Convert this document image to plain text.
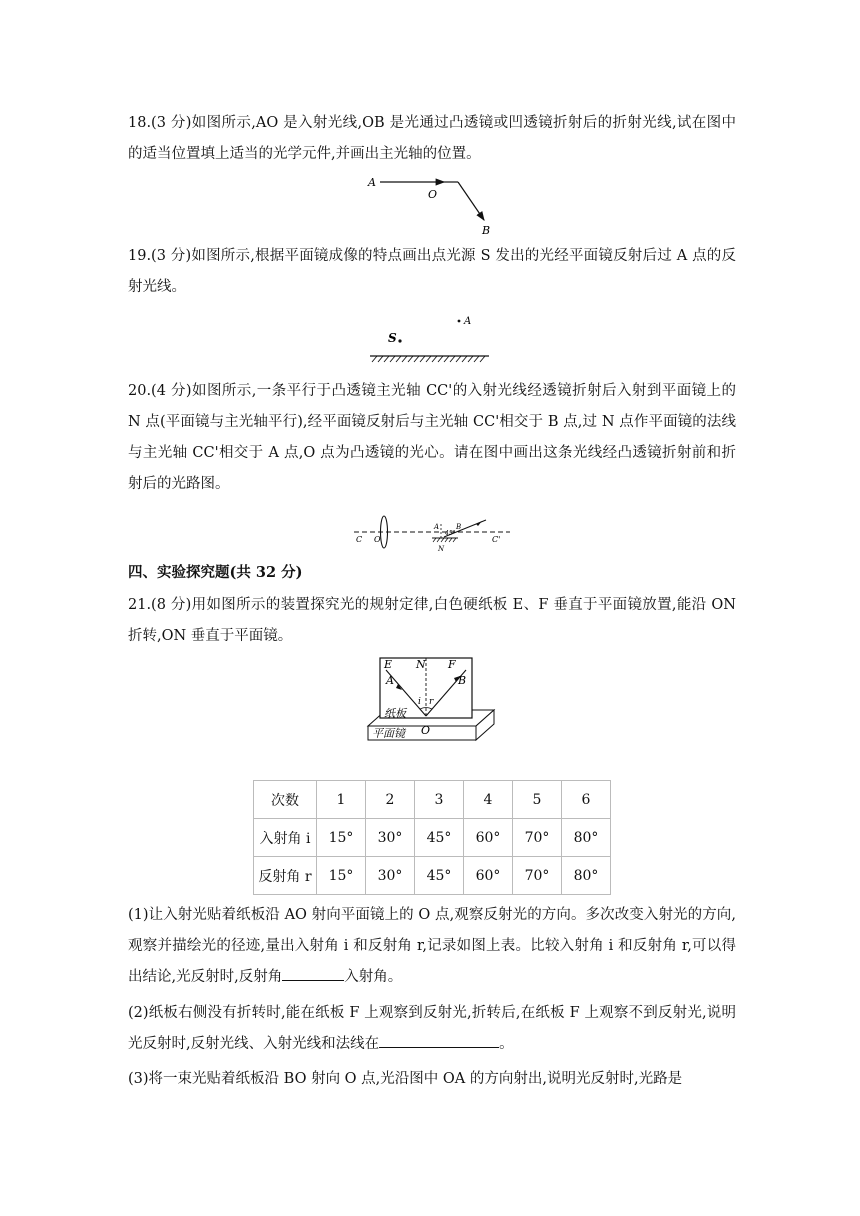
18.(3 分)如图所示,AO 是入射光线,OB 是光通过凸透镜或凹透镜折射后的折射光线,试在图中的适当位置填上适当的光学元件,并画出主光轴的位置。

A
O
B

19.(3 分)如图所示,根据平面镜成像的特点画出点光源 S 发出的光经平面镜反射后过 A 点的反射光线。

S
A

20.(4 分)如图所示,一条平行于凸透镜主光轴 CC'的入射光线经透镜折射后入射到平面镜上的 N 点(平面镜与主光轴平行),经平面镜反射后与主光轴 CC'相交于 B 点,过 N 点作平面镜的法线与主光轴 CC'相交于 A 点,O 点为凸透镜的光心。请在图中画出这条光线经凸透镜折射前和折射后的光路图。

C O
A B
45°
N
C'

四、实验探究题(共 32 分)

21.(8 分)用如图所示的装置探究光的规射定律,白色硬纸板 E、F 垂直于平面镜放置,能沿 ON 折转,ON 垂直于平面镜。

E N F
A	B
i r
O
纸板
平面镜
次数	1	2	3	4	5	6
入射角 i	15°	30°	45°	60°	70°	80°
反射角 r	15°	30°	45°	60°	70°	80°

(1)让入射光贴着纸板沿 AO 射向平面镜上的 O 点,观察反射光的方向。多次改变入射光的方向,观察并描绘光的径迹,量出入射角 i 和反射角 r,记录如图上表。比较入射角 i 和反射角 r,可以得出结论,光反射时,反射角	入射角。

(2)纸板右侧没有折转时,能在纸板 F 上观察到反射光,折转后,在纸板 F 上观察不到反射光,说明光反射时,反射光线、入射光线和法线在	。

(3)将一束光贴着纸板沿 BO 射向 O 点,光沿图中 OA 的方向射出,说明光反射时,光路是
